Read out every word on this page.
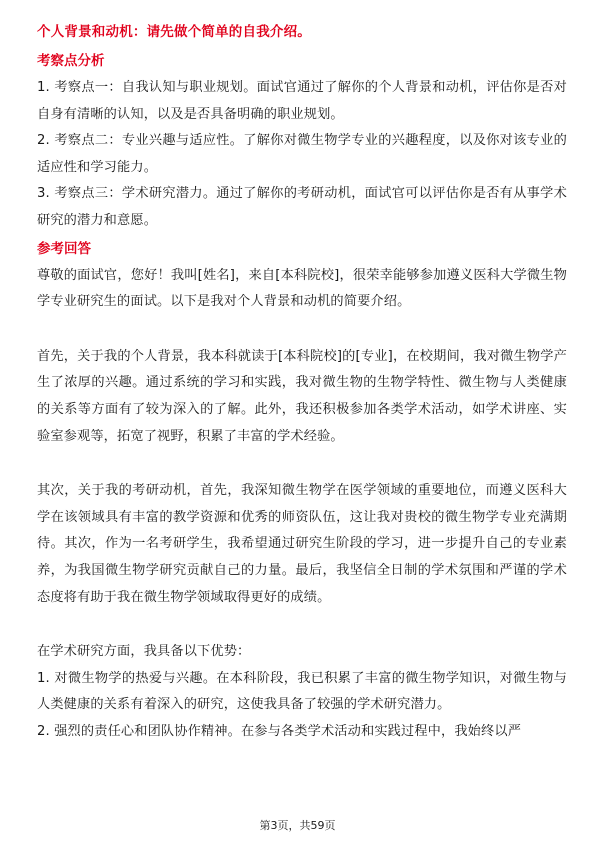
个人背景和动机：请先做个简单的自我介绍。
考察点分析

1. 考察点一：自我认知与职业规划。面试官通过了解你的个人背景和动机，评估你是否对自身有清晰的认知，以及是否具备明确的职业规划。

2. 考察点二：专业兴趣与适应性。了解你对微生物学专业的兴趣程度，以及你对该专业的适应性和学习能力。

3. 考察点三：学术研究潜力。通过了解你的考研动机，面试官可以评估你是否有从事学术研究的潜力和意愿。

参考回答

尊敬的面试官，您好！我叫[姓名]，来自[本科院校]，很荣幸能够参加遵义医科大学微生物学专业研究生的面试。以下是我对个人背景和动机的简要介绍。

首先，关于我的个人背景，我本科就读于[本科院校]的[专业]，在校期间，我对微生物学产生了浓厚的兴趣。通过系统的学习和实践，我对微生物的生物学特性、微生物与人类健康的关系等方面有了较为深入的了解。此外，我还积极参加各类学术活动，如学术讲座、实验室参观等，拓宽了视野，积累了丰富的学术经验。

其次，关于我的考研动机，首先，我深知微生物学在医学领域的重要地位，而遵义医科大学在该领域具有丰富的教学资源和优秀的师资队伍，这让我对贵校的微生物学专业充满期待。其次，作为一名考研学生，我希望通过研究生阶段的学习，进一步提升自己的专业素养，为我国微生物学研究贡献自己的力量。最后，我坚信全日制的学术氛围和严谨的学术态度将有助于我在微生物学领域取得更好的成绩。

在学术研究方面，我具备以下优势：

1. 对微生物学的热爱与兴趣。在本科阶段，我已积累了丰富的微生物学知识，对微生物与人类健康的关系有着深入的研究，这使我具备了较强的学术研究潜力。

2. 强烈的责任心和团队协作精神。在参与各类学术活动和实践过程中，我始终以严

第3页，共59页
